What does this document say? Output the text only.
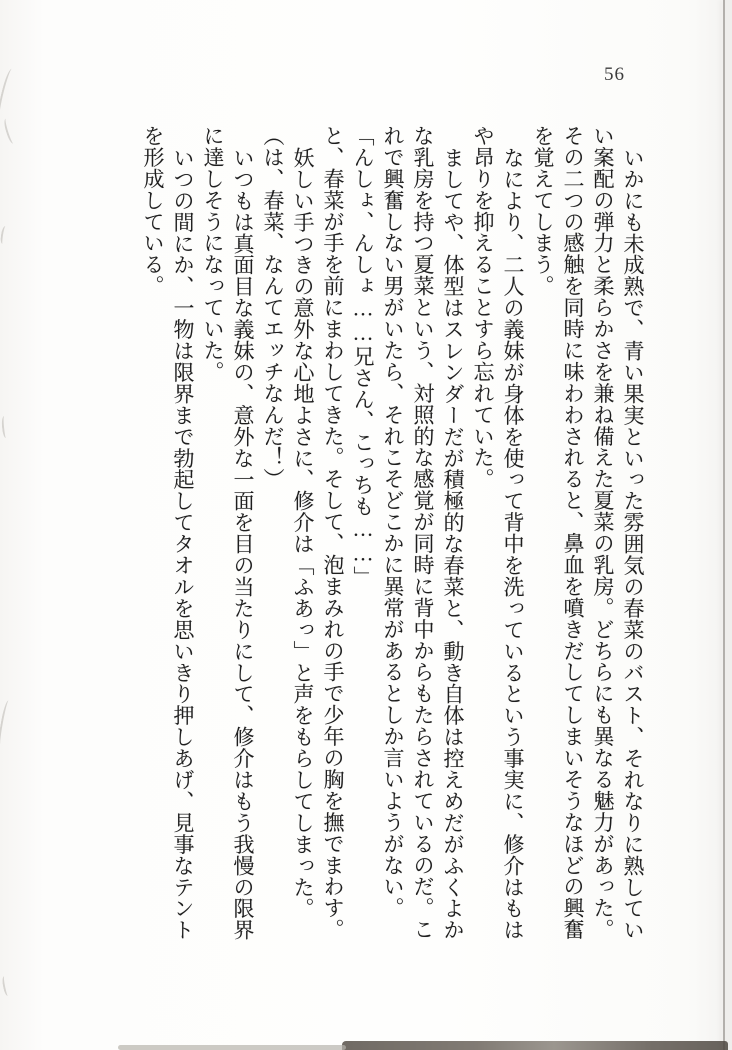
56

いかにも未成熟で、青い果実といった雰囲気の春菜のバスト、それなりに熟していい案配の弾力と柔らかさを兼ね備えた夏菜の乳房。どちらにも異なる魅力があった。

その二つの感触を同時に味わわされると、鼻血を噴きだしてしまいそうなほどの興奮を覚えてしまう。

なにより、二人の義妹が身体を使って背中を洗っているという事実に、修介はもはや昂りを抑えることすら忘れていた。

ましてや、体型はスレンダーだが積極的な春菜と、動き自体は控えめだがふくよかな乳房を持つ夏菜という、対照的な感覚が同時に背中からもたらされているのだ。これで興奮しない男がいたら、それこそどこかに異常があるとしか言いようがない。

「んしょ、んしょ……兄さん、こっちも……」

と、春菜が手を前にまわしてきた。そして、泡まみれの手で少年の胸を撫でまわす。

妖しい手つきの意外な心地よさに、修介は「ふあっ」と声をもらしてしまった。

（は、春菜、なんてエッチなんだ！）

いつもは真面目な義妹の、意外な一面を目の当たりにして、修介はもう我慢の限界に達しそうになっていた。

いつの間にか、一物は限界まで勃起してタオルを思いきり押しあげ、見事なテントを形成している。
